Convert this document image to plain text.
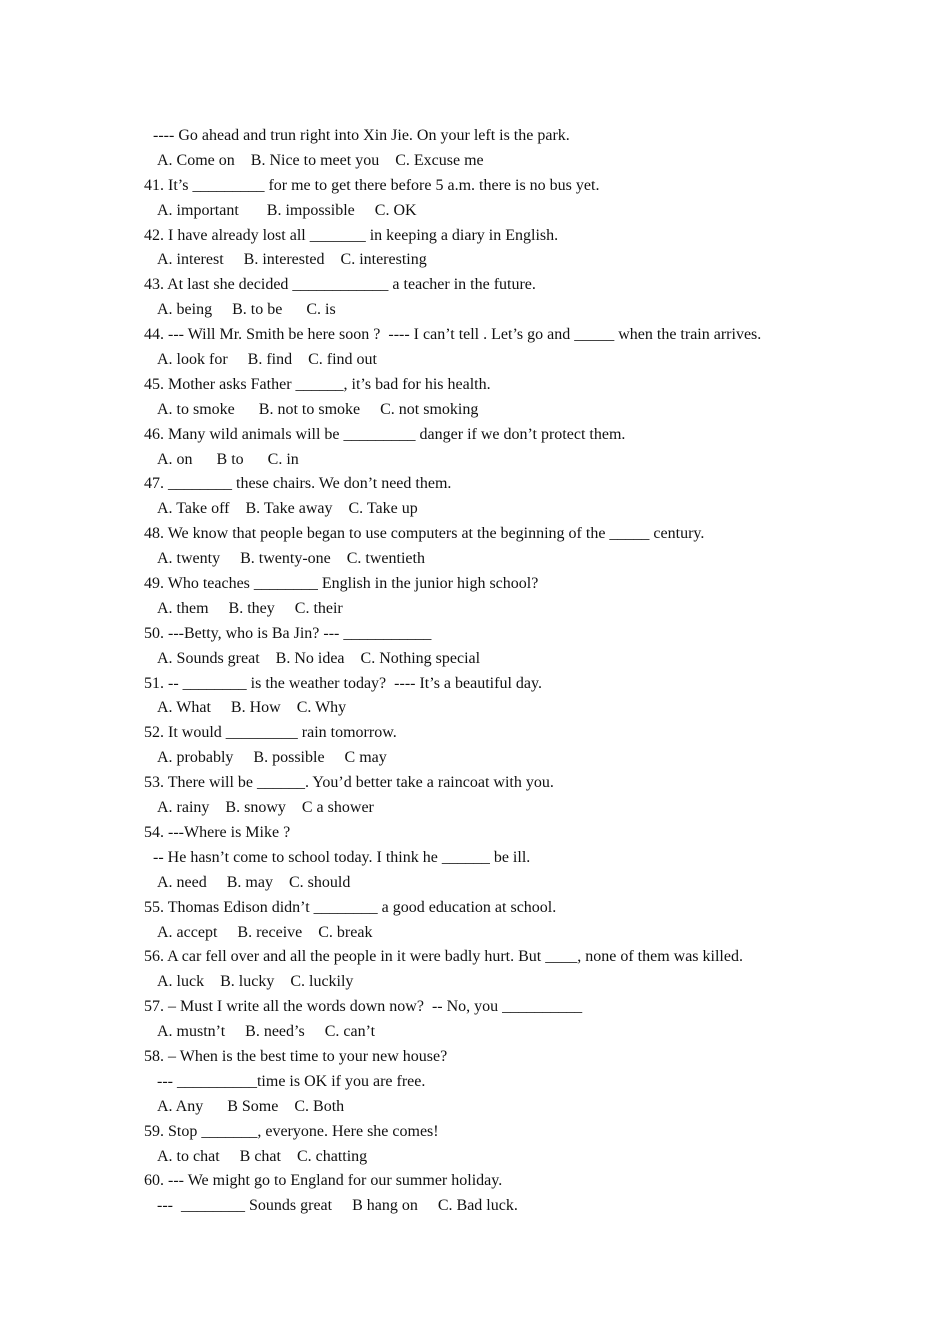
---- Go ahead and trun right into Xin Jie. On your left is the park.
A. Come on    B. Nice to meet you    C. Excuse me
41. It’s _________ for me to get there before 5 a.m. there is no bus yet.
A. important       B. impossible     C. OK
42. I have already lost all _______ in keeping a diary in English.
A. interest     B. interested    C. interesting
43. At last she decided ____________ a teacher in the future.
A. being     B. to be      C. is
44. --- Will Mr. Smith be here soon ?  ---- I can’t tell . Let’s go and _____ when the train arrives.
A. look for     B. find    C. find out
45. Mother asks Father ______, it’s bad for his health.
A. to smoke      B. not to smoke     C. not smoking
46. Many wild animals will be _________ danger if we don’t protect them.
A. on      B to      C. in
47. ________ these chairs. We don’t need them.
A. Take off    B. Take away    C. Take up
48. We know that people began to use computers at the beginning of the _____ century.
A. twenty     B. twenty-one    C. twentieth
49. Who teaches ________ English in the junior high school?
A. them     B. they     C. their
50. ---Betty, who is Ba Jin? --- ___________
A. Sounds great    B. No idea    C. Nothing special
51. -- ________ is the weather today?  ---- It’s a beautiful day.
A. What     B. How    C. Why
52. It would _________ rain tomorrow.
A. probably     B. possible     C may
53. There will be ______. You’d better take a raincoat with you.
A. rainy    B. snowy    C a shower
54. ---Where is Mike ?
-- He hasn’t come to school today. I think he ______ be ill.
A. need     B. may    C. should
55. Thomas Edison didn’t ________ a good education at school.
A. accept     B. receive    C. break
56. A car fell over and all the people in it were badly hurt. But ____, none of them was killed.
A. luck    B. lucky    C. luckily
57. – Must I write all the words down now?  -- No, you __________
A. mustn’t     B. need’s     C. can’t
58. – When is the best time to your new house?
--- __________time is OK if you are free.
A. Any      B Some    C. Both
59. Stop _______, everyone. Here she comes!
A. to chat     B chat    C. chatting
60. --- We might go to England for our summer holiday.
---  ________ Sounds great     B hang on     C. Bad luck.
